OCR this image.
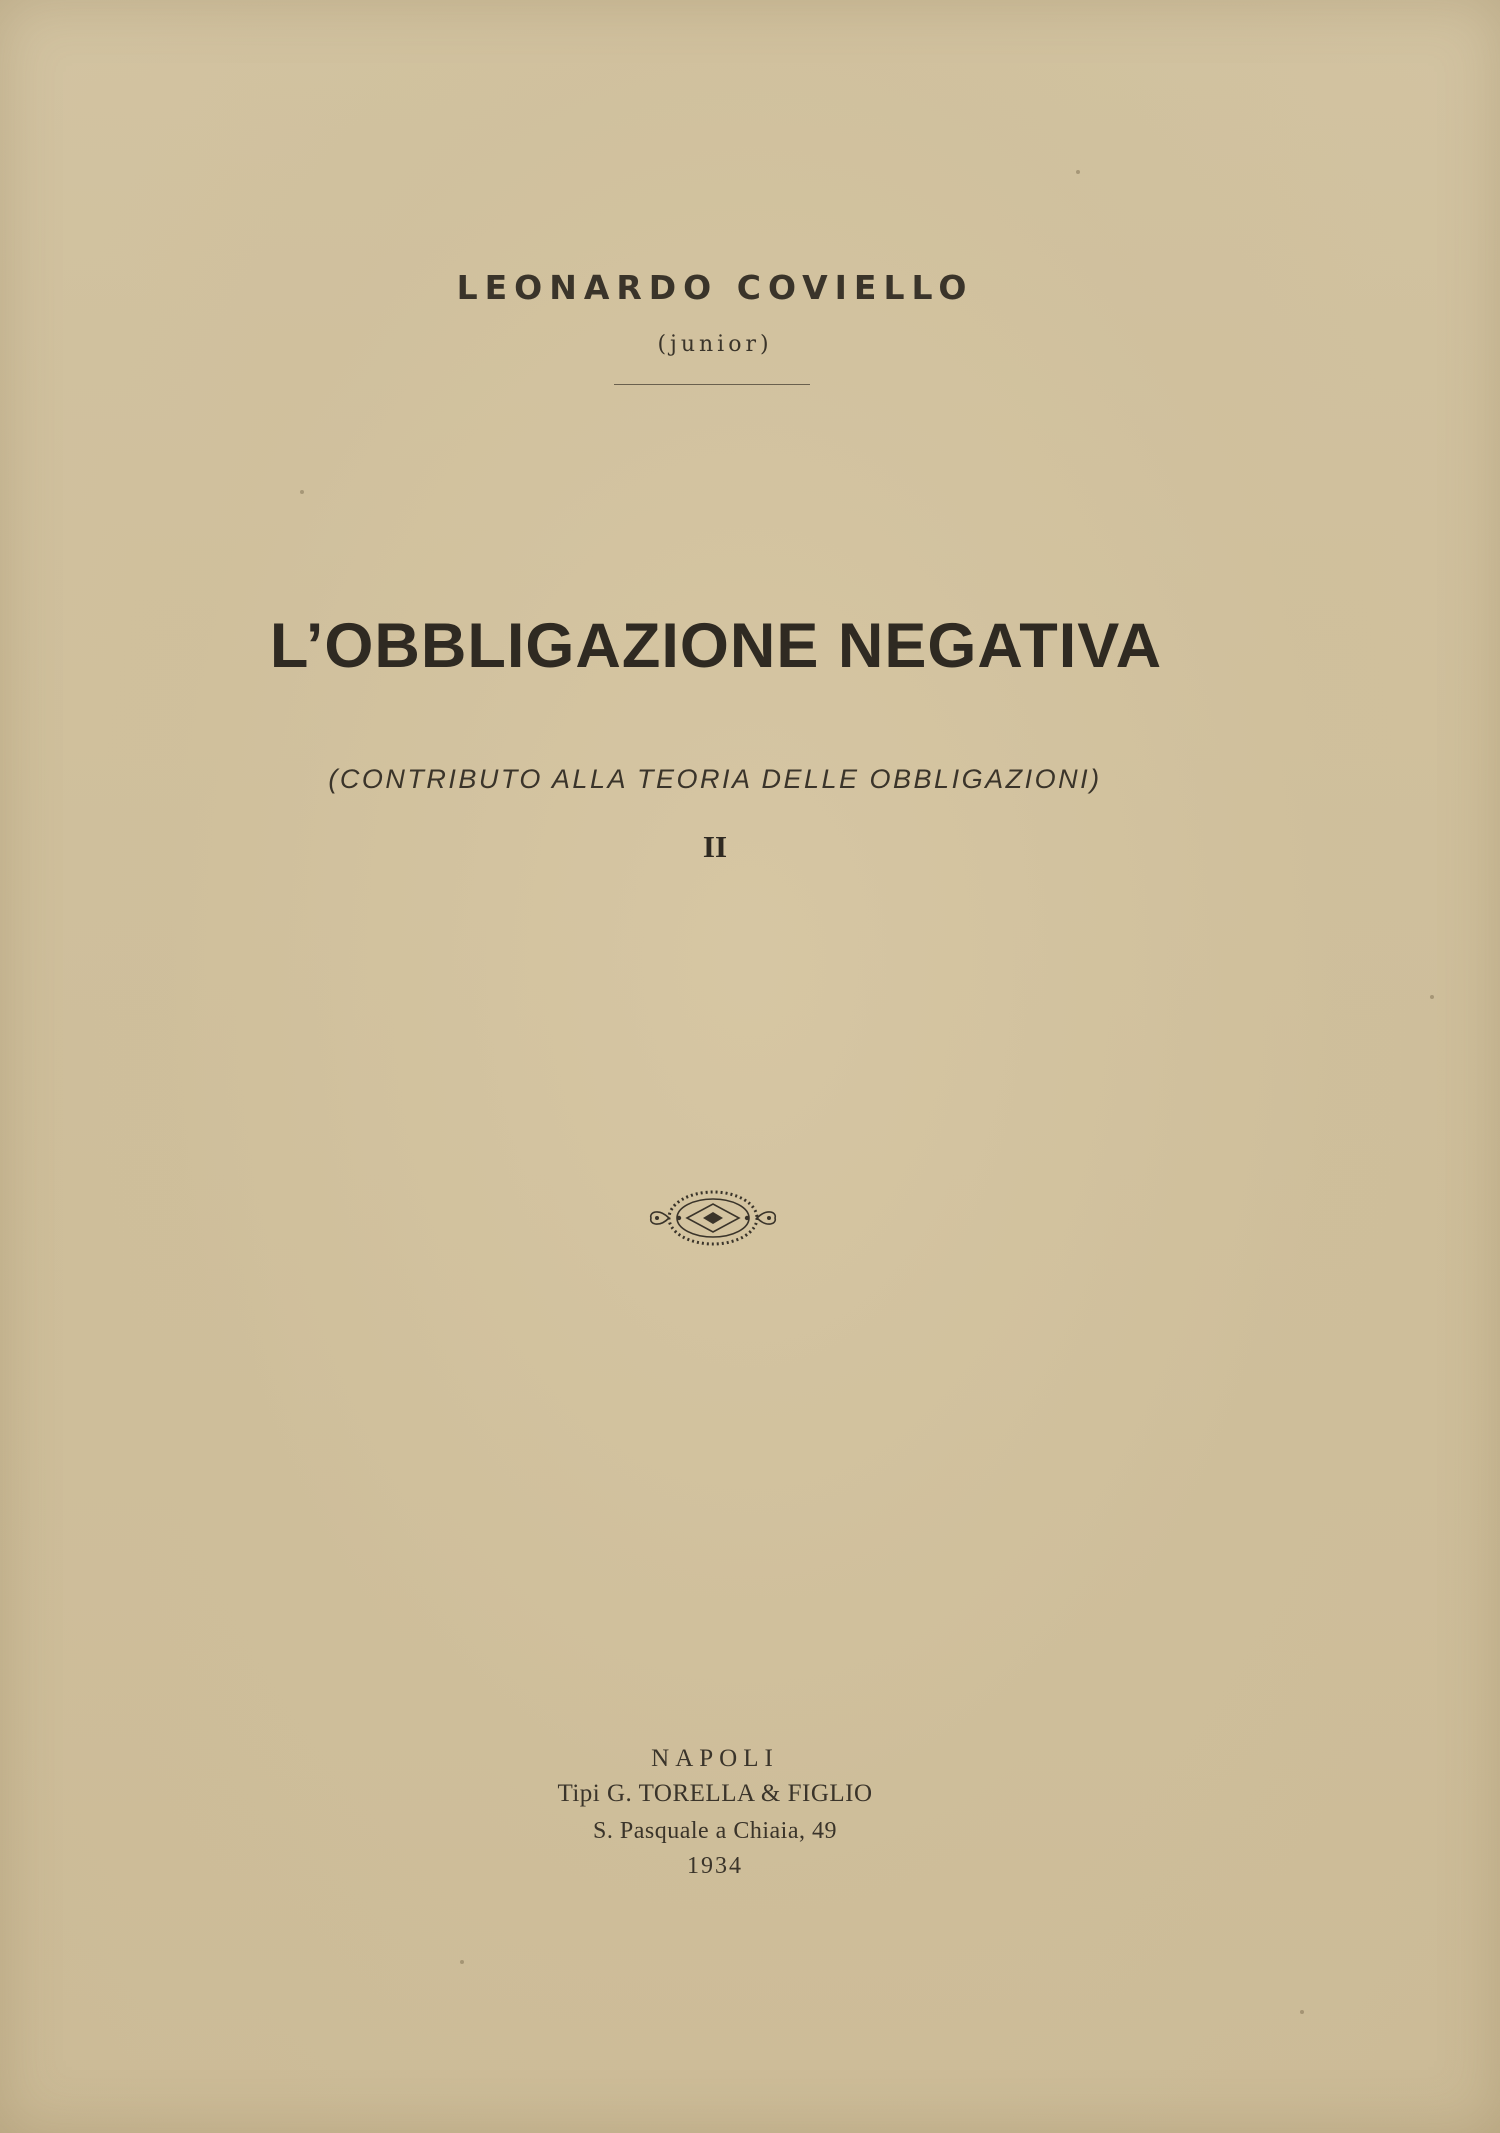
LEONARDO COVIELLO
(junior)
L’OBBLIGAZIONE NEGATIVA
(CONTRIBUTO ALLA TEORIA DELLE OBBLIGAZIONI)
II
NAPOLI
Tipi G. TORELLA & FIGLIO
S. Pasquale a Chiaia, 49
1934
